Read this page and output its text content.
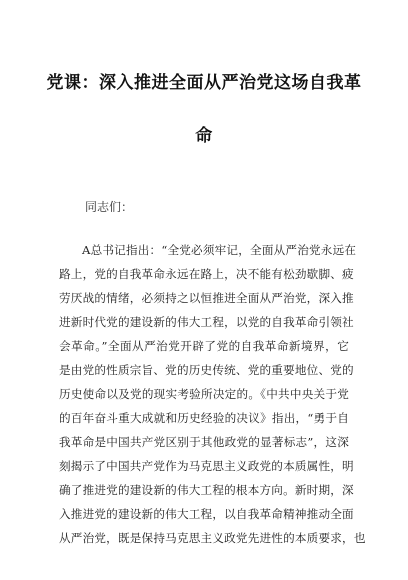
党课：深入推进全面从严治党这场自我革
命
同志们：
A总书记指出：“全党必须牢记，全面从严治党永远在
路上，党的自我革命永远在路上，决不能有松劲歇脚、疲
劳厌战的情绪，必须持之以恒推进全面从严治党，深入推
进新时代党的建设新的伟大工程，以党的自我革命引领社
会革命。”全面从严治党开辟了党的自我革命新境界，它
是由党的性质宗旨、党的历史传统、党的重要地位、党的
历史使命以及党的现实考验所决定的。《中共中央关于党
的百年奋斗重大成就和历史经验的决议》指出，“勇于自
我革命是中国共产党区别于其他政党的显著标志”，这深
刻揭示了中国共产党作为马克思主义政党的本质属性，明
确了推进党的建设新的伟大工程的根本方向。新时期，深
入推进党的建设新的伟大工程，以自我革命精神推动全面
从严治党，既是保持马克思主义政党先进性的本质要求，也
